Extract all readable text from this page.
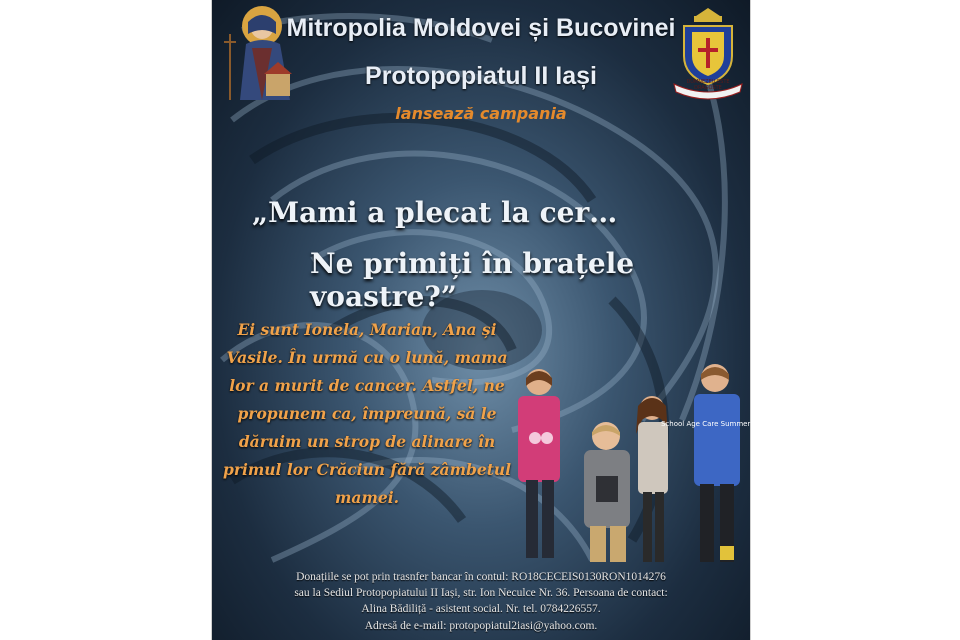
DUMNEZEU ESTE DRAGOSTE
Mitropolia Moldovei și Bucovinei
Protopopiatul II Iași

lansează campania

„Mami a plecat la cer…

Ne primiți în brațele voastre?”

Ei sunt Ionela, Marian, Ana și Vasile. În urmă cu o lună, mama lor a murit de cancer. Astfel, ne propunem ca, împreună, să le dăruim un strop de alinare în primul lor Crăciun fără zâmbetul mamei.

School Age Care Summer Camp

Donațiile se pot prin trasnfer bancar în contul: RO18CECEIS0130RON1014276

sau la Sediul Protopopiatului II Iași, str. Ion Neculce Nr. 36. Persoana de contact:

Alina Bădiliță - asistent social. Nr. tel. 0784226557.

Adresă de e-mail: protopopiatul2iasi@yahoo.com.
